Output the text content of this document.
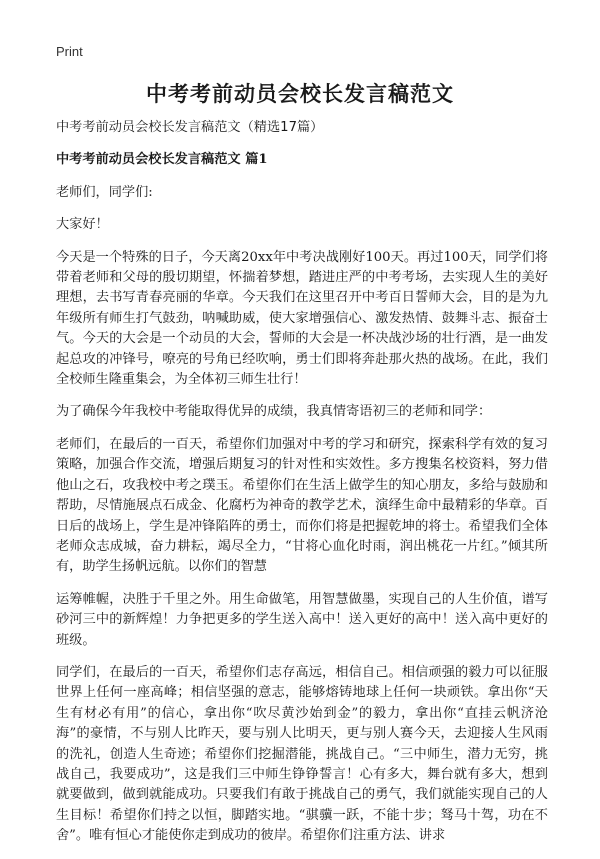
Print
中考考前动员会校长发言稿范文

中考考前动员会校长发言稿范文（精选17篇）

中考考前动员会校长发言稿范文 篇1

老师们，同学们:

大家好！

今天是一个特殊的日子，今天离20xx年中考决战刚好100天。再过100天，同学们将带着老师和父母的殷切期望，怀揣着梦想，踏进庄严的中考考场，去实现人生的美好理想，去书写青春亮丽的华章。今天我们在这里召开中考百日誓师大会，目的是为九年级所有师生打气鼓劲，呐喊助威，使大家增强信心、激发热情、鼓舞斗志、振奋士气。今天的大会是一个动员的大会，誓师的大会是一杯决战沙场的壮行酒，是一曲发起总攻的冲锋号，嘹亮的号角已经吹响，勇士们即将奔赴那火热的战场。在此，我们全校师生隆重集会，为全体初三师生壮行！

为了确保今年我校中考能取得优异的成绩，我真情寄语初三的老师和同学：

老师们，在最后的一百天，希望你们加强对中考的学习和研究，探索科学有效的复习策略，加强合作交流，增强后期复习的针对性和实效性。多方搜集名校资料，努力借他山之石，攻我校中考之璞玉。希望你们在生活上做学生的知心朋友，多给与鼓励和帮助，尽情施展点石成金、化腐朽为神奇的教学艺术，演绎生命中最精彩的华章。百日后的战场上，学生是冲锋陷阵的勇士，而你们将是把握乾坤的将士。希望我们全体老师众志成城，奋力耕耘，竭尽全力，“甘将心血化时雨，润出桃花一片红。”倾其所有，助学生扬帆远航。以你们的智慧

运筹帷幄，决胜于千里之外。用生命做笔，用智慧做墨，实现自己的人生价值，谱写砂河三中的新辉煌！力争把更多的学生送入高中！送入更好的高中！送入高中更好的班级。

同学们，在最后的一百天，希望你们志存高远，相信自己。相信顽强的毅力可以征服世界上任何一座高峰；相信坚强的意志，能够熔铸地球上任何一块顽铁。拿出你“天生有材必有用”的信心，拿出你“吹尽黄沙始到金”的毅力，拿出你“直挂云帆济沧海”的豪情，不与别人比昨天，要与别人比明天，更与别人赛今天，去迎接人生风雨的洗礼，创造人生奇迹；希望你们挖掘潜能，挑战自己。“三中师生，潜力无穷，挑战自己，我要成功”，这是我们三中师生铮铮誓言！心有多大，舞台就有多大，想到就要做到，做到就能成功。只要我们有敢于挑战自己的勇气，我们就能实现自己的人生目标！希望你们持之以恒，脚踏实地。“骐骥一跃，不能十步；驽马十驾，功在不舍”。唯有恒心才能使你走到成功的彼岸。希望你们注重方法、讲求
